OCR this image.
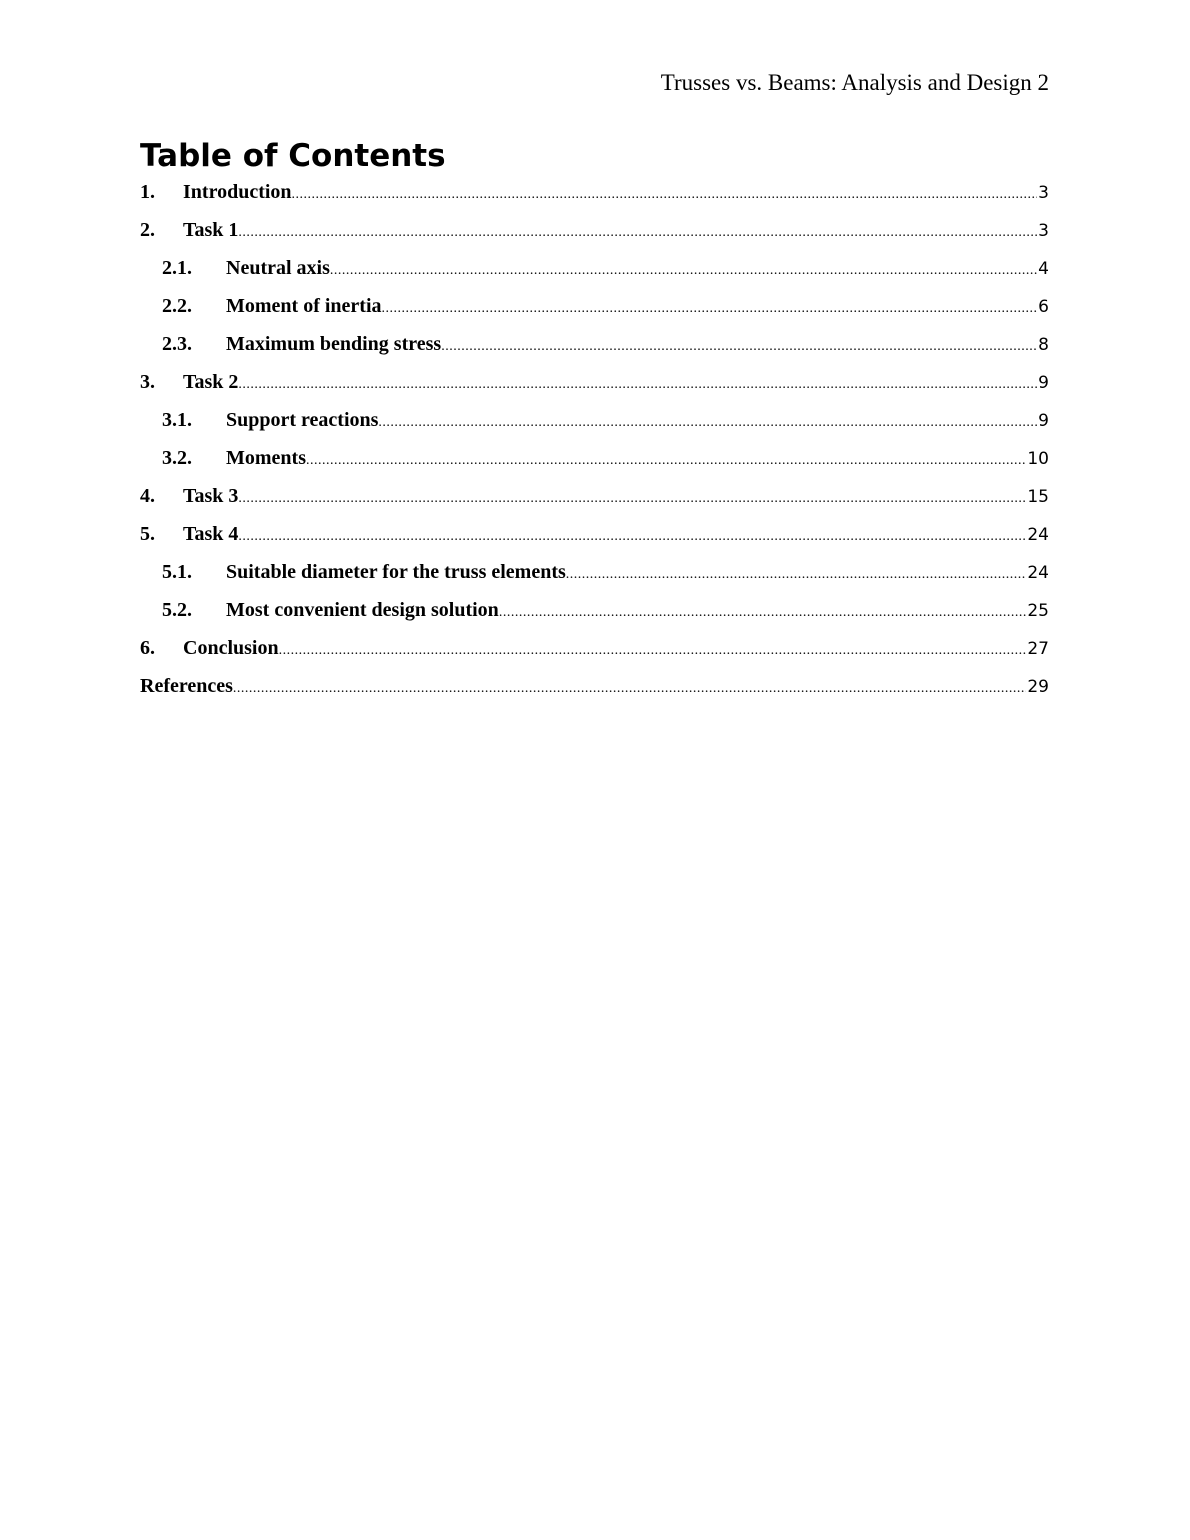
Trusses vs. Beams: Analysis and Design 2
Table of Contents
1.	Introduction .....	3
2.	Task 1 .....	3
2.1.	Neutral axis .....	4
2.2.	Moment of inertia .....	6
2.3.	Maximum bending stress .....	8
3.	Task 2 .....	9
3.1.	Support reactions .....	9
3.2.	Moments .....	10
4.	Task 3 .....	15
5.	Task 4 .....	24
5.1.	Suitable diameter for the truss elements .....	24
5.2.	Most convenient design solution .....	25
6.	Conclusion .....	27
References .....	29
